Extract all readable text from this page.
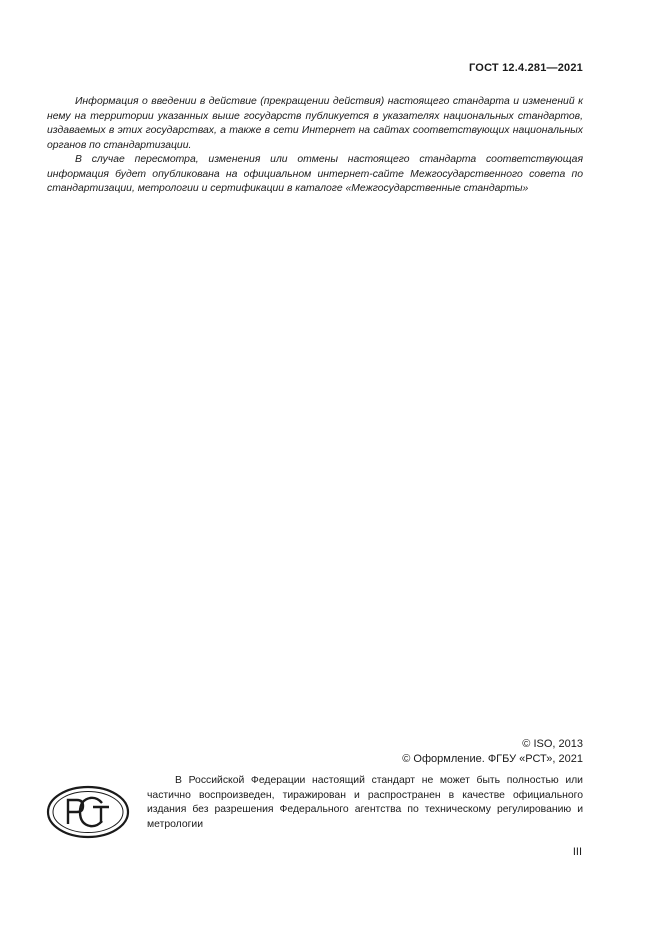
ГОСТ 12.4.281—2021

Информация о введении в действие (прекращении действия) настоящего стандарта и изменений к нему на территории указанных выше государств публикуется в указателях национальных стандартов, издаваемых в этих государствах, а также в сети Интернет на сайтах соответствующих национальных органов по стандартизации.

В случае пересмотра, изменения или отмены настоящего стандарта соответствующая информация будет опубликована на официальном интернет-сайте Межгосударственного совета по стандартизации, метрологии и сертификации в каталоге «Межгосударственные стандарты»

© ISO, 2013
© Оформление. ФГБУ «РСТ», 2021

В Российской Федерации настоящий стандарт не может быть полностью или частично воспроизведен, тиражирован и распространен в качестве официального издания без разрешения Федерального агентства по техническому регулированию и метрологии

III
